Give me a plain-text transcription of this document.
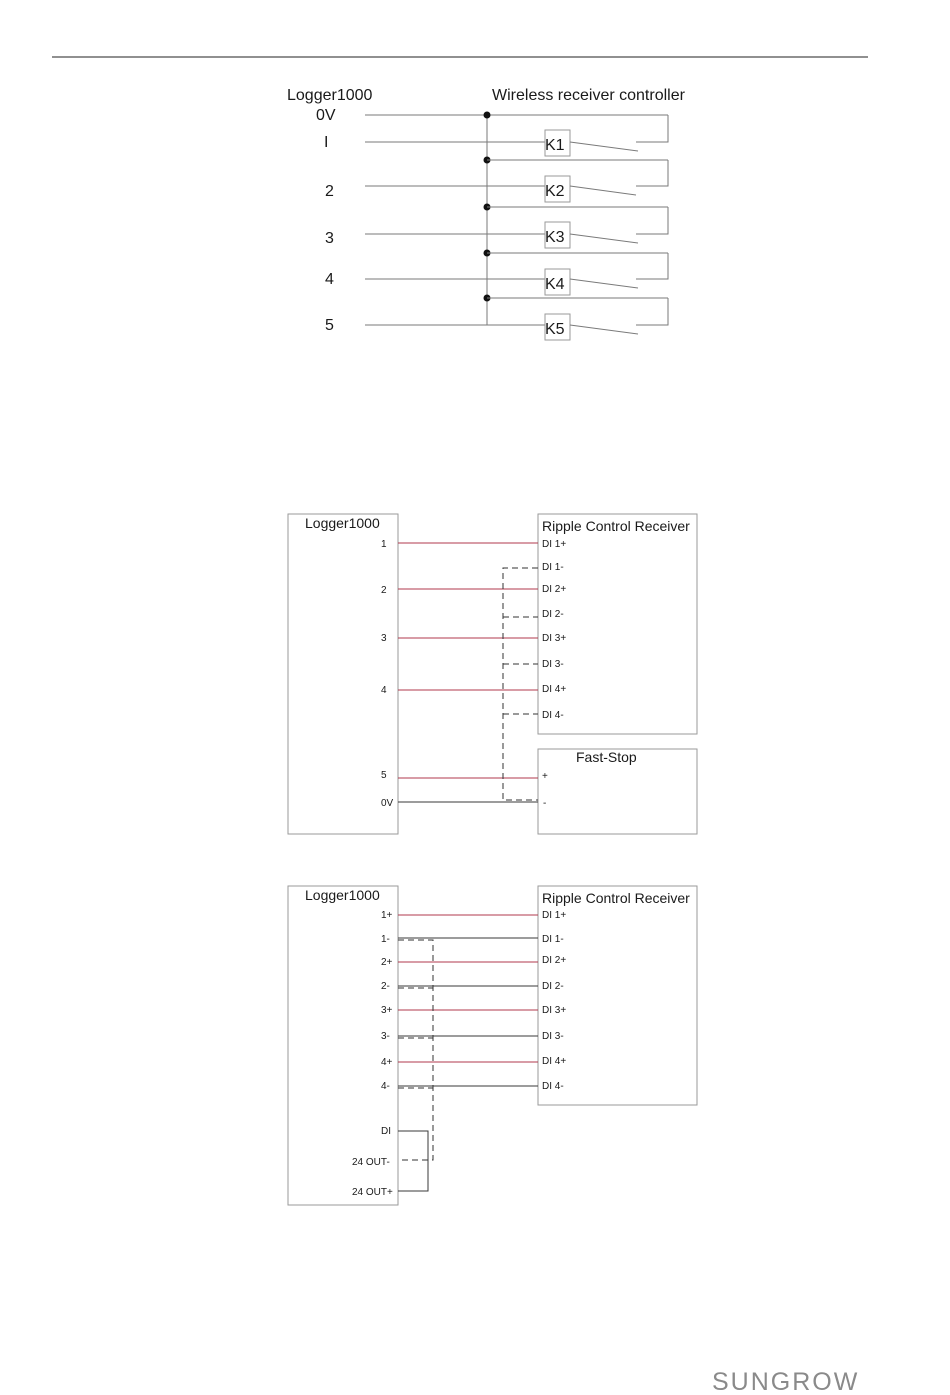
Logger1000	Wireless receiver controller
0V
I
2
3
4
5
K1
K2
K3
K4
K5
Logger1000	Ripple Control Receiver
Fast-Stop
1
2
3
4
5
0V
DI 1+
DI 1-
DI 2+
DI 2-
DI 3+
DI 3-
DI 4+
DI 4-
+
-
Logger1000	Ripple Control Receiver
1+
1-
2+
2-
3+
3-
4+
4-
DI
24 OUT-
24 OUT+
DI 1+
DI 1-
DI 2+
DI 2-
DI 3+
DI 3-
DI 4+
DI 4-
SUNGROW
